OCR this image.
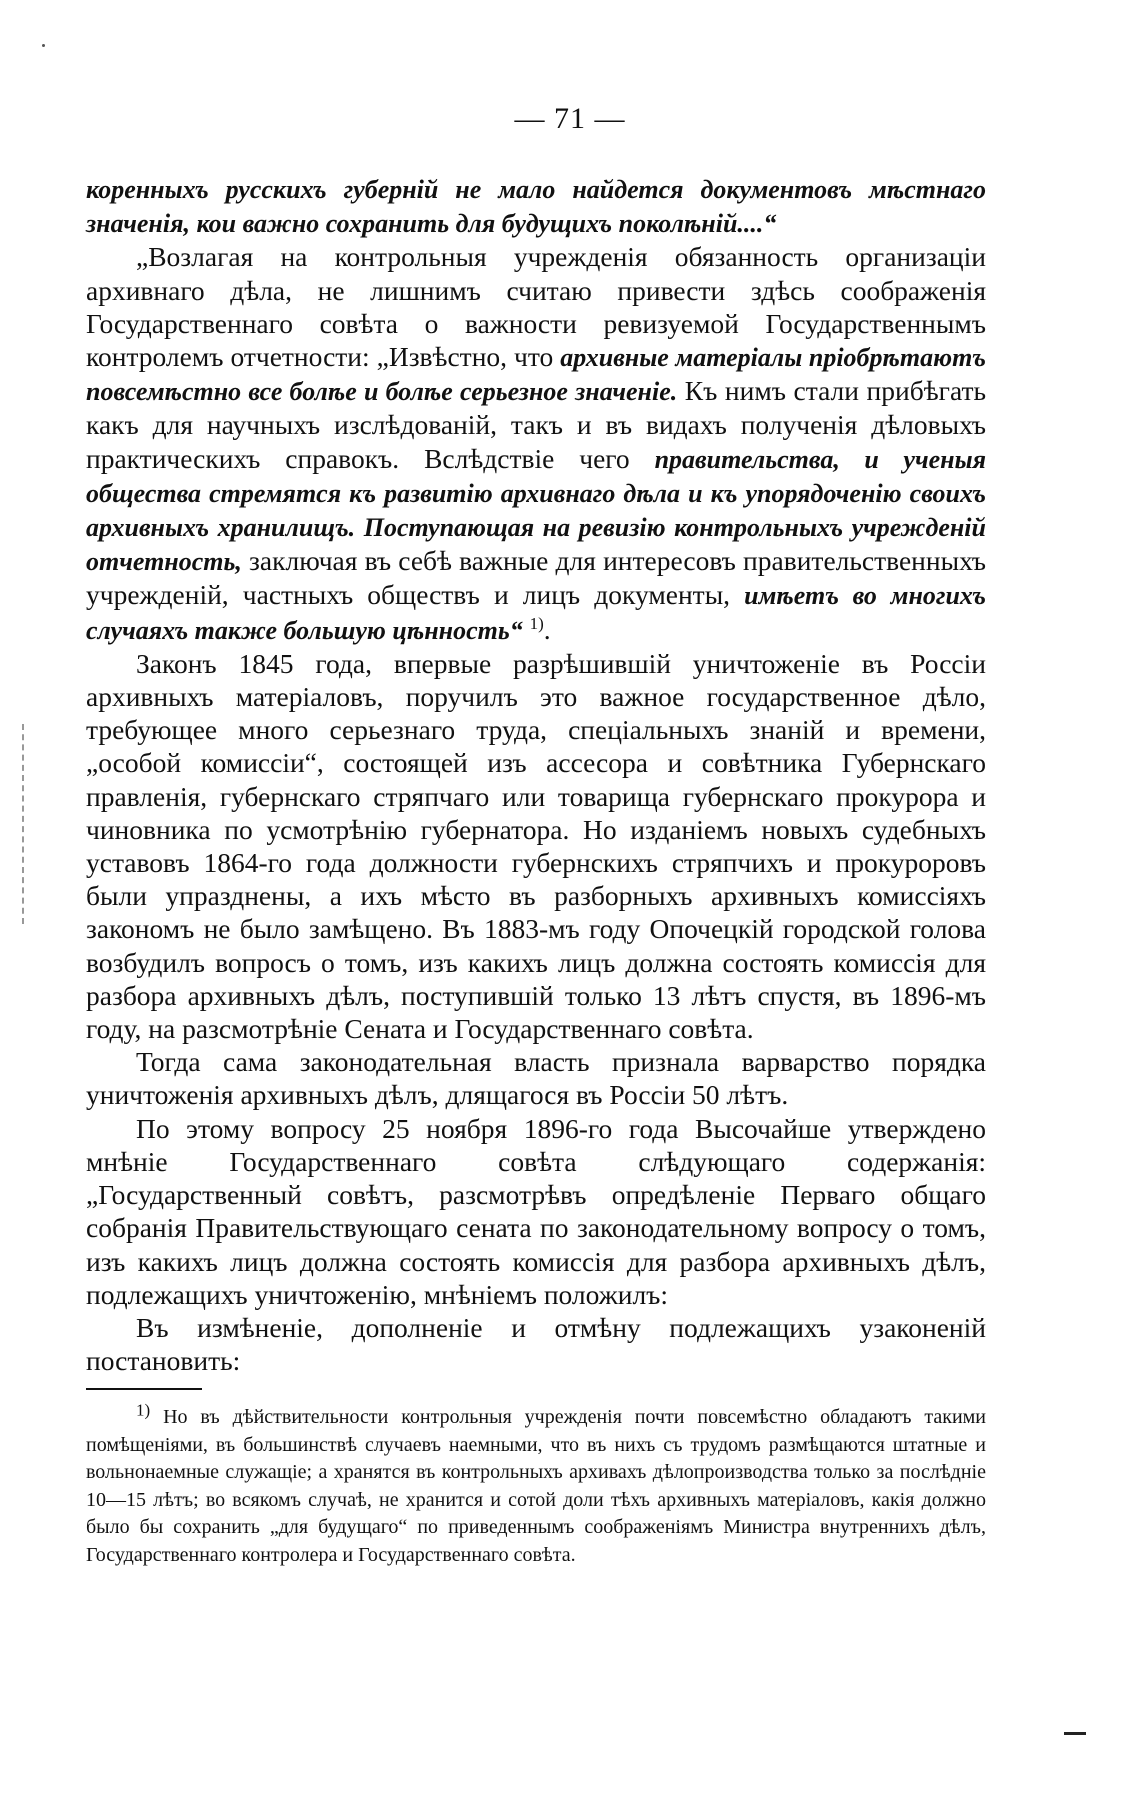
— 71 —

коренныхъ русскихъ губерній не мало найдется документовъ мѣстнаго значенія, кои важно сохранить для будущихъ поколѣній....“

„Возлагая на контрольныя учрежденія обязанность организаціи архивнаго дѣла, не лишнимъ считаю привести здѣсь соображенія Государственнаго совѣта о важности ревизуемой Государственнымъ контролемъ отчетности: „Извѣстно, что архивные матеріалы пріобрѣтаютъ повсемѣстно все болѣе и болѣе серьезное значеніе. Къ нимъ стали прибѣгать какъ для научныхъ изслѣдованій, такъ и въ видахъ полученія дѣловыхъ практическихъ справокъ. Вслѣдствіе чего правительства, и ученыя общества стремятся къ развитію архивнаго дѣла и къ упорядоченію своихъ архивныхъ хранилищъ. Поступающая на ревизію контрольныхъ учрежденій отчетность, заключая въ себѣ важные для интересовъ правительственныхъ учрежденій, частныхъ обществъ и лицъ документы, имѣетъ во многихъ случаяхъ также большую цѣнность“ $^{1)}$.

Законъ 1845 года, впервые разрѣшившій уничтоженіе въ Россіи архивныхъ матеріаловъ, поручилъ это важное государственное дѣло, требующее много серьезнаго труда, спеціальныхъ знаній и времени, „особой комиссіи“, состоящей изъ ассесора и совѣтника Губернскаго правленія, губернскаго стряпчаго или товарища губернскаго прокурора и чиновника по усмотрѣнію губернатора. Но изданіемъ новыхъ судебныхъ уставовъ 1864-го года должности губернскихъ стряпчихъ и прокуроровъ были упразднены, а ихъ мѣсто въ разборныхъ архивныхъ комиссіяхъ закономъ не было замѣщено. Въ 1883-мъ году Опочецкій городской голова возбудилъ вопросъ о томъ, изъ какихъ лицъ должна состоять комиссія для разбора архивныхъ дѣлъ, поступившій только 13 лѣтъ спустя, въ 1896-мъ году, на разсмотрѣніе Сената и Государственнаго совѣта.

Тогда сама законодательная власть признала варварство порядка уничтоженія архивныхъ дѣлъ, длящагося въ Россіи 50 лѣтъ.

По этому вопросу 25 ноября 1896-го года Высочайше утверждено мнѣніе Государственнаго совѣта слѣдующаго содержанія: „Государственный совѣтъ, разсмотрѣвъ опредѣленіе Перваго общаго собранія Правительствующаго сената по законодательному вопросу о томъ, изъ какихъ лицъ должна состоять комиссія для разбора архивныхъ дѣлъ, подлежащихъ уничтоженію, мнѣніемъ положилъ:

Въ измѣненіе, дополненіе и отмѣну подлежащихъ узаконеній постановить:

$^{1)}$ Но въ дѣйствительности контрольныя учрежденія почти повсемѣстно обладаютъ такими помѣщеніями, въ большинствѣ случаевъ наемными, что въ нихъ съ трудомъ размѣщаются штатные и вольнонаемные служащіе; а хранятся въ контрольныхъ архивахъ дѣлопроизводства только за послѣдніе 10—15 лѣтъ; во всякомъ случаѣ, не хранится и сотой доли тѣхъ архивныхъ матеріаловъ, какія должно было бы сохранить „для будущаго“ по приведеннымъ соображеніямъ Министра внутреннихъ дѣлъ, Государственнаго контролера и Государственнаго совѣта.
